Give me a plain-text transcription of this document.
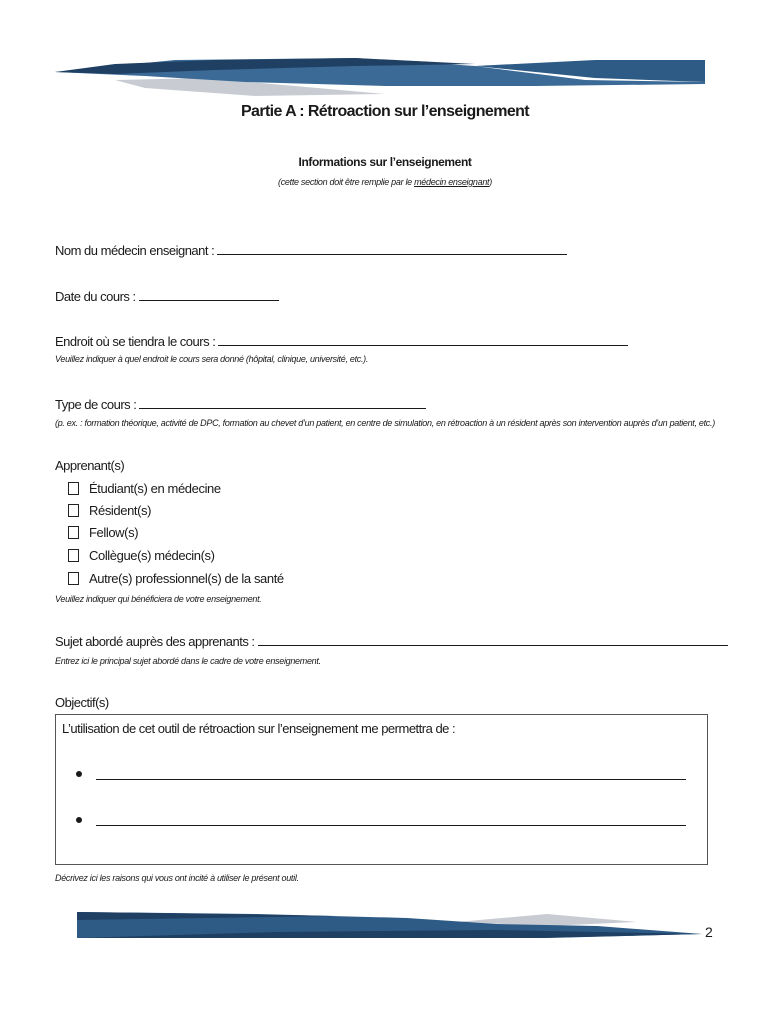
Partie A : Rétroaction sur l’enseignement
Informations sur l’enseignement
(cette section doit être remplie par le médecin enseignant)
Nom du médecin enseignant :
Date du cours :
Endroit où se tiendra le cours :
Veuillez indiquer à quel endroit le cours sera donné (hôpital, clinique, université, etc.).
Type de cours :
(p. ex. : formation théorique, activité de DPC, formation au chevet d’un patient, en centre de simulation, en rétroaction à un résident après son intervention auprès d’un patient, etc.)
Apprenant(s)
Étudiant(s) en médecine
Résident(s)
Fellow(s)
Collègue(s) médecin(s)
Autre(s) professionnel(s) de la santé
Veuillez indiquer qui bénéficiera de votre enseignement.
Sujet abordé auprès des apprenants :
Entrez ici le principal sujet abordé dans le cadre de votre enseignement.
Objectif(s)
L’utilisation de cet outil de rétroaction sur l’enseignement me permettra de :
Décrivez ici les raisons qui vous ont incité à utiliser le présent outil.
2
